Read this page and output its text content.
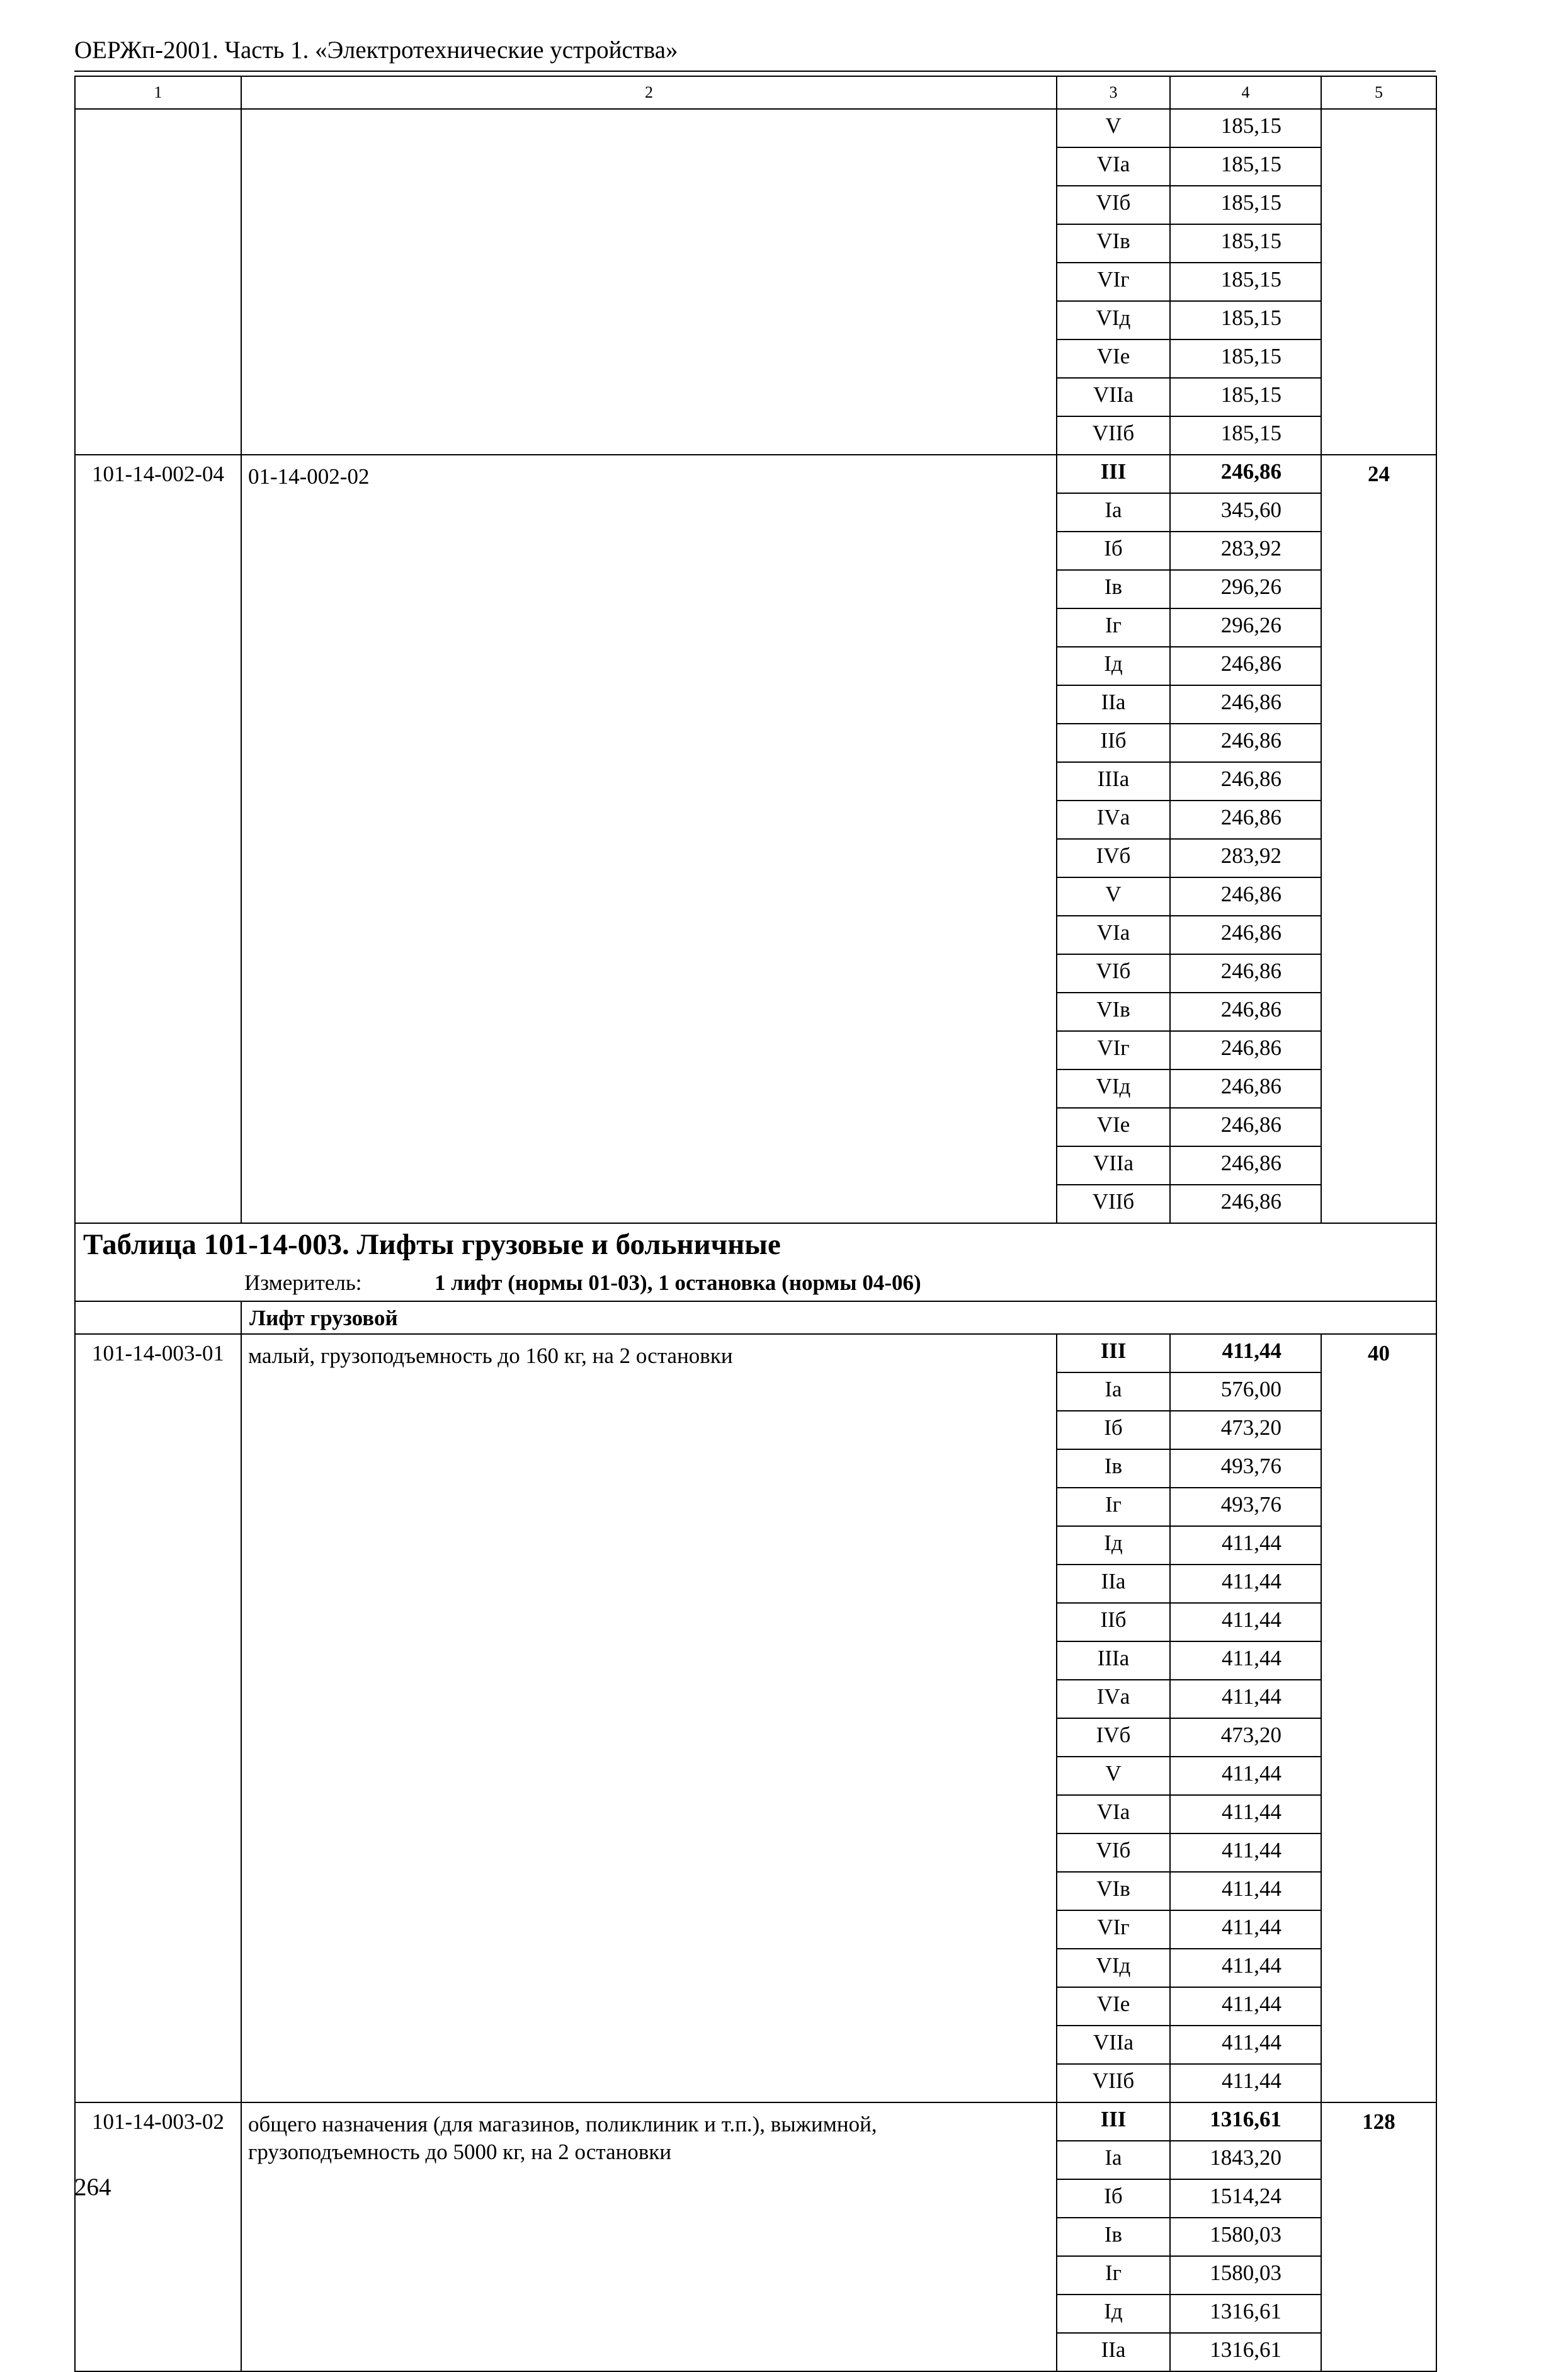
ОЕРЖп-2001. Часть 1. «Электротехнические устройства»
1	2	3	4	5
		V	185,15	
		VIа	185,15	
		VIб	185,15	
		VIв	185,15	
		VIг	185,15	
		VIд	185,15	
		VIе	185,15	
		VIIа	185,15	
		VIIб	185,15	
101-14-002-04	01-14-002-02	III	246,86	24
		Iа	345,60	
		Iб	283,92	
		Iв	296,26	
		Iг	296,26	
		Iд	246,86	
		IIа	246,86	
		IIб	246,86	
		IIIа	246,86	
		IVа	246,86	
		IVб	283,92	
		V	246,86	
		VIа	246,86	
		VIб	246,86	
		VIв	246,86	
		VIг	246,86	
		VIд	246,86	
		VIе	246,86	
		VIIа	246,86	
		VIIб	246,86	
Таблица 101-14-003. Лифты грузовые и больничные				

Измеритель: 1 лифт (нормы 01-03), 1 остановка (нормы 04-06)				

	Лифт грузовой			
101-14-003-01	малый, грузоподъемность до 160 кг, на 2 остановки	III	411,44	40
		Iа	576,00	
		Iб	473,20	
		Iв	493,76	
		Iг	493,76	
		Iд	411,44	
		IIа	411,44	
		IIб	411,44	
		IIIа	411,44	
		IVа	411,44	
		IVб	473,20	
		V	411,44	
		VIа	411,44	
		VIб	411,44	
		VIв	411,44	
		VIг	411,44	
		VIд	411,44	
		VIе	411,44	
		VIIа	411,44	
		VIIб	411,44	
101-14-003-02	общего назначения (для магазинов, поликлиник и т.п.), выжимной, грузоподъемность до 5000 кг, на 2 остановки	III	1316,61	128
		Iа	1843,20	
		Iб	1514,24	
		Iв	1580,03	
		Iг	1580,03	
		Iд	1316,61	
		IIа	1316,61	
264
